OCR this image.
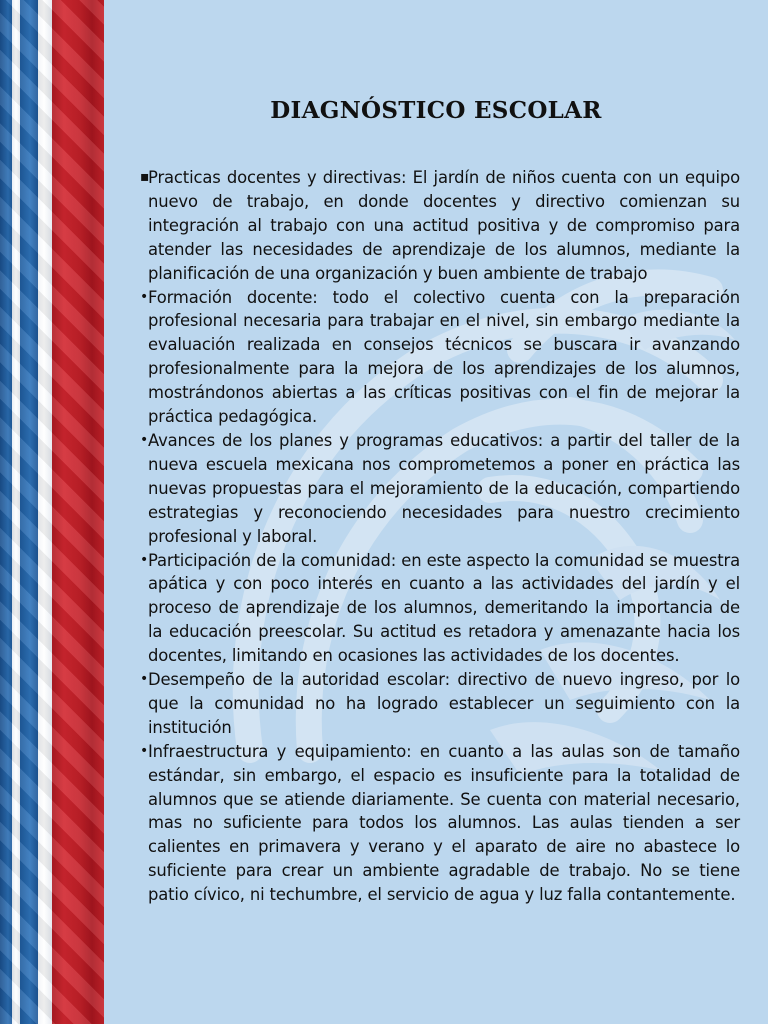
DIAGNÓSTICO ESCOLAR

▪
Practicas docentes y directivas: El jardín de niños cuenta con un equipo nuevo de trabajo, en donde docentes y directivo comienzan su integración al trabajo con una actitud positiva y de compromiso para atender las necesidades de aprendizaje de los alumnos, mediante la planificación de una organización y buen ambiente de trabajo

• Formación docente: todo el colectivo cuenta con la preparación profesional necesaria para trabajar en el nivel, sin embargo mediante la evaluación realizada en consejos técnicos se buscara ir avanzando profesionalmente para la mejora de los aprendizajes de los alumnos, mostrándonos abiertas a las críticas positivas con el fin de mejorar la práctica pedagógica.

• Avances de los planes y programas educativos: a partir del taller de la nueva escuela mexicana nos comprometemos a poner en práctica las nuevas propuestas para el mejoramiento de la educación, compartiendo estrategias y reconociendo necesidades para nuestro crecimiento profesional y laboral.

• Participación de la comunidad: en este aspecto la comunidad se muestra apática y con poco interés en cuanto a las actividades del jardín y el proceso de aprendizaje de los alumnos, demeritando la importancia de la educación preescolar. Su actitud es retadora y amenazante hacia los docentes, limitando en ocasiones las actividades de los docentes.

• Desempeño de la autoridad escolar: directivo de nuevo ingreso, por lo que la comunidad no ha logrado establecer un seguimiento con la institución

• Infraestructura y equipamiento: en cuanto a las aulas son de tamaño estándar, sin embargo, el espacio es insuficiente para la totalidad de alumnos que se atiende diariamente. Se cuenta con material necesario, mas no suficiente para todos los alumnos. Las aulas tienden a ser calientes en primavera y verano y el aparato de aire no abastece lo suficiente para crear un ambiente agradable de trabajo. No se tiene patio cívico, ni techumbre, el servicio de agua y luz falla contantemente.
